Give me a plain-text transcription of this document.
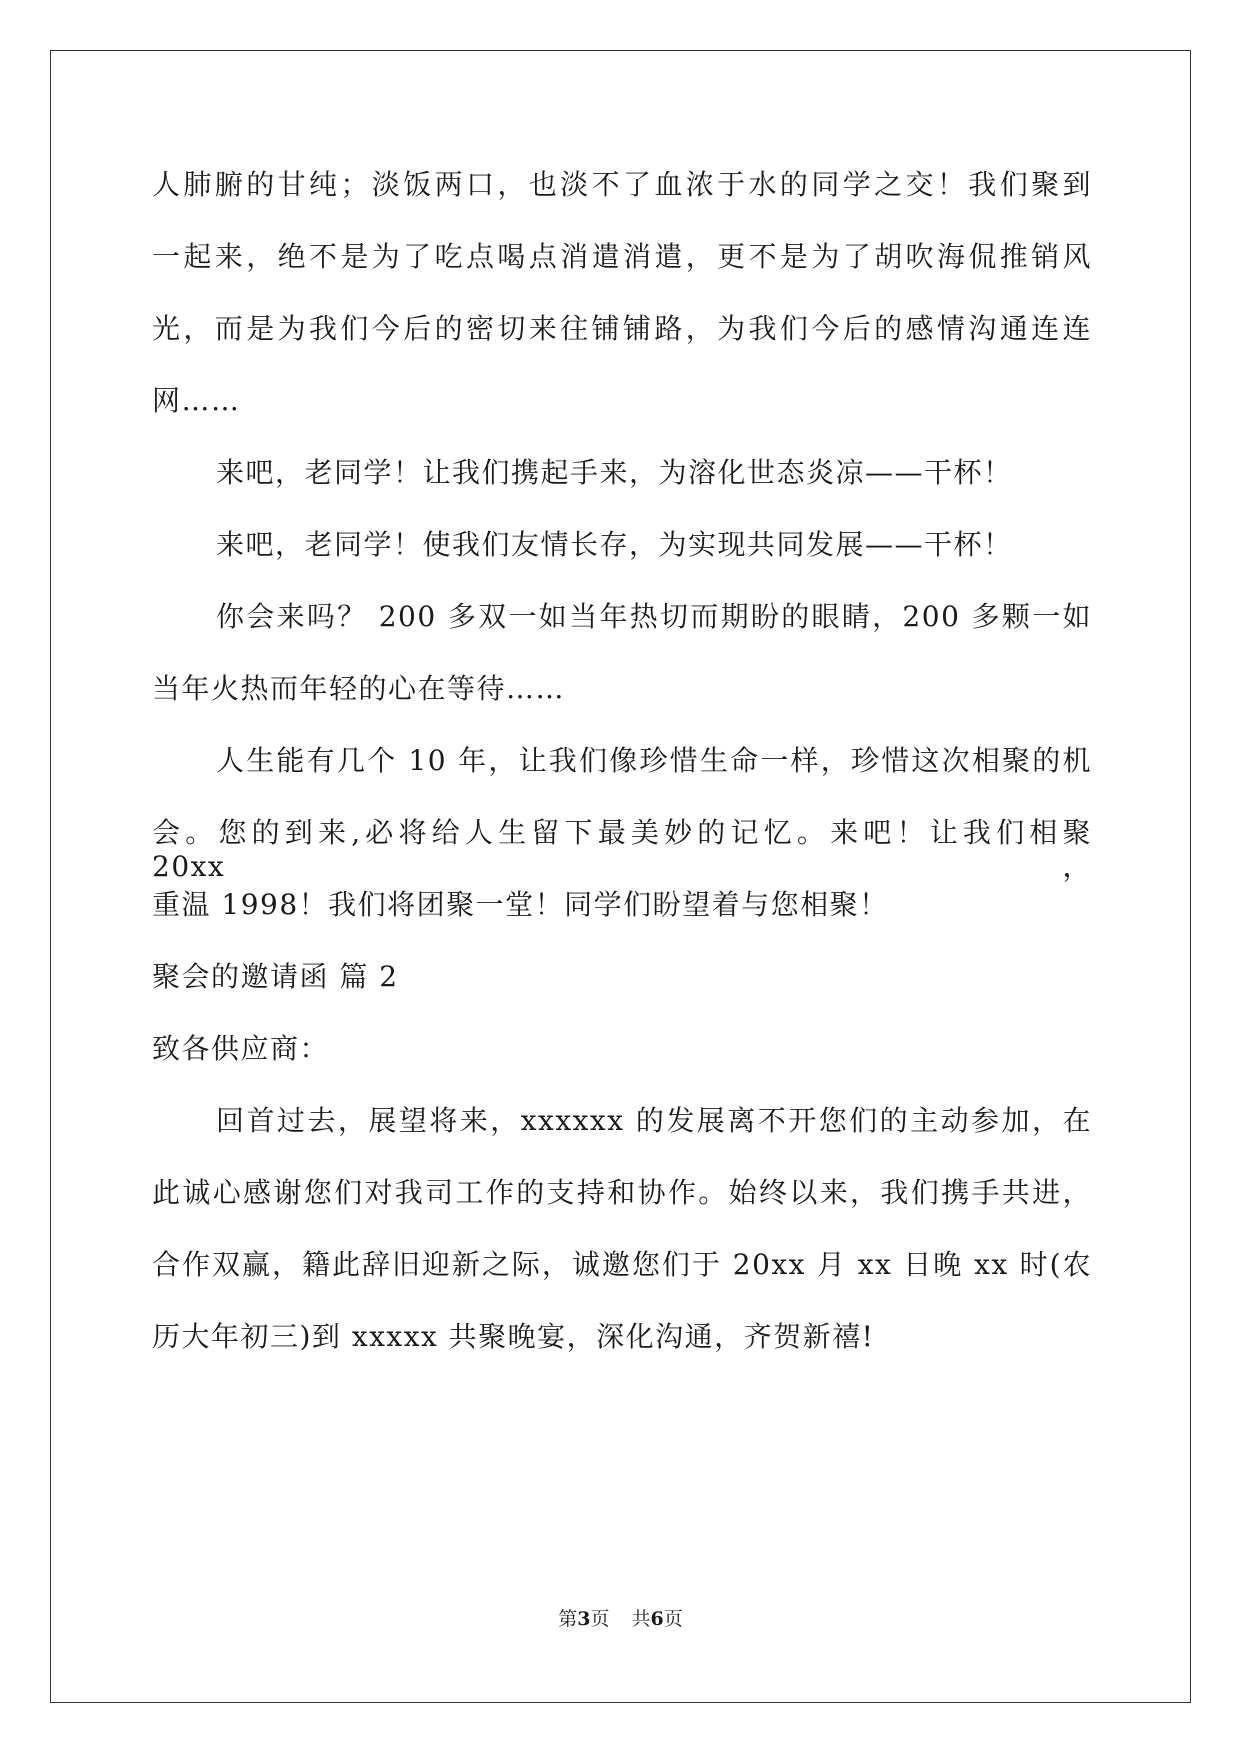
人肺腑的甘纯；淡饭两口，也淡不了血浓于水的同学之交！我们聚到
一起来，绝不是为了吃点喝点消遣消遣，更不是为了胡吹海侃推销风
光，而是为我们今后的密切来往铺铺路，为我们今后的感情沟通连连
网……
来吧，老同学！让我们携起手来，为溶化世态炎凉——干杯！
来吧，老同学！使我们友情长存，为实现共同发展——干杯！
你会来吗？ 200 多双一如当年热切而期盼的眼睛，200 多颗一如
当年火热而年轻的心在等待……
人生能有几个 10 年，让我们像珍惜生命一样，珍惜这次相聚的机
会。您的到来,必将给人生留下最美妙的记忆。来吧！让我们相聚 20xx，
重温 1998！我们将团聚一堂！同学们盼望着与您相聚！
聚会的邀请函 篇 2
致各供应商：
回首过去，展望将来，xxxxxx 的发展离不开您们的主动参加，在
此诚心感谢您们对我司工作的支持和协作。始终以来，我们携手共进，
合作双赢，籍此辞旧迎新之际，诚邀您们于 20xx 月 xx 日晚 xx 时(农
历大年初三)到 xxxxx 共聚晚宴，深化沟通，齐贺新禧!
第3页 共6页
